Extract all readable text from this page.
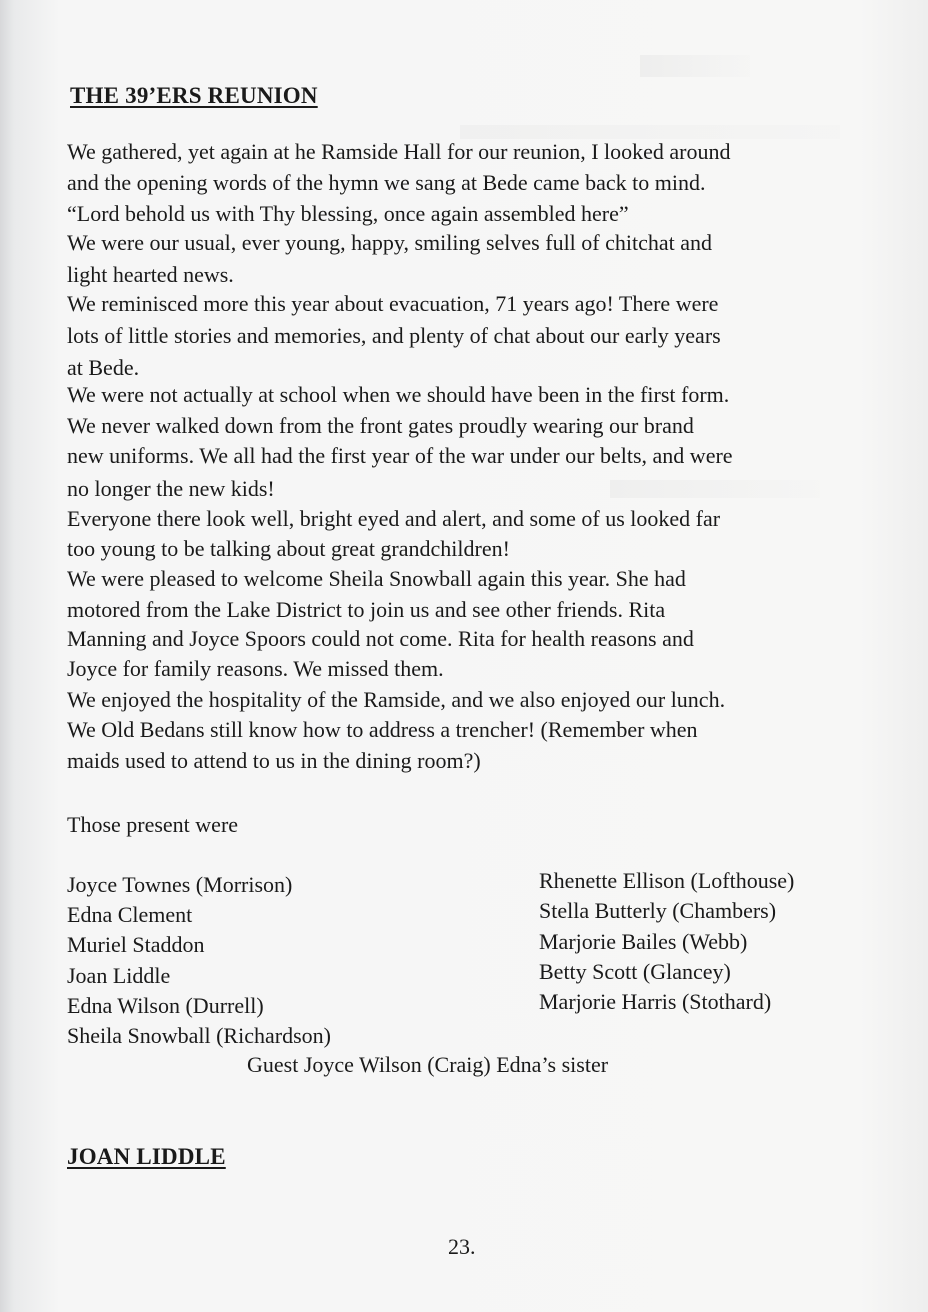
THE 39’ERS REUNION
We gathered, yet again at he Ramside Hall for our reunion, I looked around
and the opening words of the hymn we sang at Bede came back to mind.
“Lord behold us with Thy blessing, once again assembled here”
We were our usual, ever young, happy, smiling selves full of chitchat and
light hearted news.
We reminisced more this year about evacuation, 71 years ago! There were
lots of little stories and memories, and plenty of chat about our early years
at Bede.
We were not actually at school when we should have been in the first form.
We never walked down from the front gates proudly wearing our brand
new uniforms. We all had the first year of the war under our belts, and were
no longer the new kids!
Everyone there look well, bright eyed and alert, and some of us looked far
too young to be talking about great grandchildren!
We were pleased to welcome Sheila Snowball again this year. She had
motored from the Lake District to join us and see other friends. Rita
Manning and Joyce Spoors could not come. Rita for health reasons and
Joyce for family reasons. We missed them.
We enjoyed the hospitality of the Ramside, and we also enjoyed our lunch.
We Old Bedans still know how to address a trencher! (Remember when
maids used to attend to us in the dining room?)
Those present were
Joyce Townes (Morrison)
Edna Clement
Muriel Staddon
Joan Liddle
Edna Wilson (Durrell)
Sheila Snowball (Richardson)
Rhenette Ellison (Lofthouse)
Stella Butterly (Chambers)
Marjorie Bailes (Webb)
Betty Scott (Glancey)
Marjorie Harris (Stothard)
Guest Joyce Wilson (Craig) Edna’s sister
JOAN LIDDLE
23.
